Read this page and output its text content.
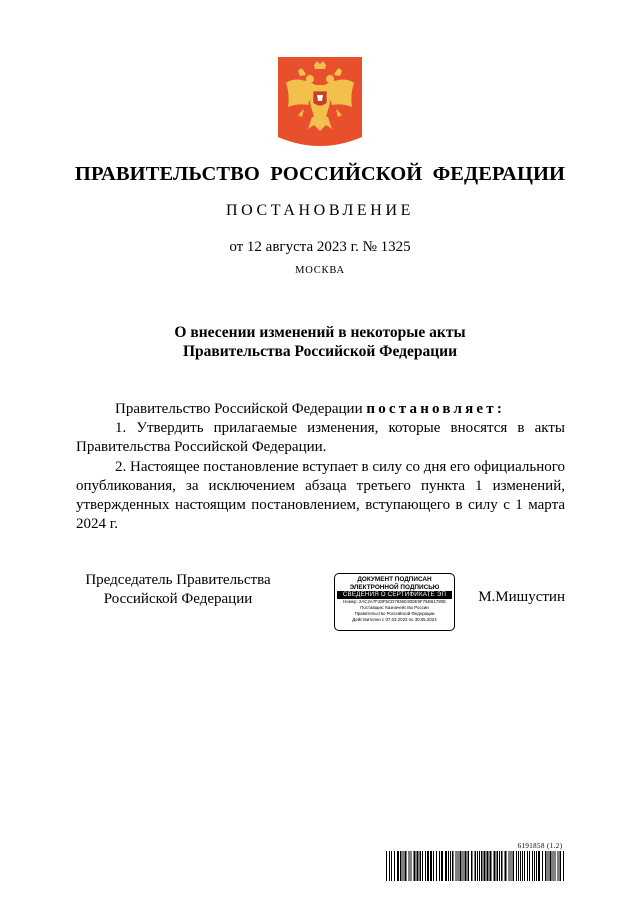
ПРАВИТЕЛЬСТВО РОССИЙСКОЙ ФЕДЕРАЦИИ
ПОСТАНОВЛЕНИЕ
от 12 августа 2023 г. № 1325
МОСКВА
О внесении изменений в некоторые акты
Правительства Российской Федерации

Правительство Российской Федерации постановляет:

1. Утвердить прилагаемые изменения, которые вносятся в акты Правительства Российской Федерации.

2. Настоящее постановление вступает в силу со дня его официального опубликования, за исключением абзаца третьего пункта 1 изменений, утвержденных настоящим постановлением, вступающего в силу с 1 марта 2024 г.

Председатель Правительства
Российской Федерации
ДОКУМЕНТ ПОДПИСАН
ЭЛЕКТРОННОЙ ПОДПИСЬЮ
СВЕДЕНИЯ О СЕРТИФИКАТЕ ЭП
Номер: 2AC2A7F28F5CD7936040DE9F76EB1780E
Поставщик: Казначейство России
Правительство Российской Федерации
Действителен с 07.03.2023 по 30.05.2024
М.Мишустин
6191858 (1.2)
